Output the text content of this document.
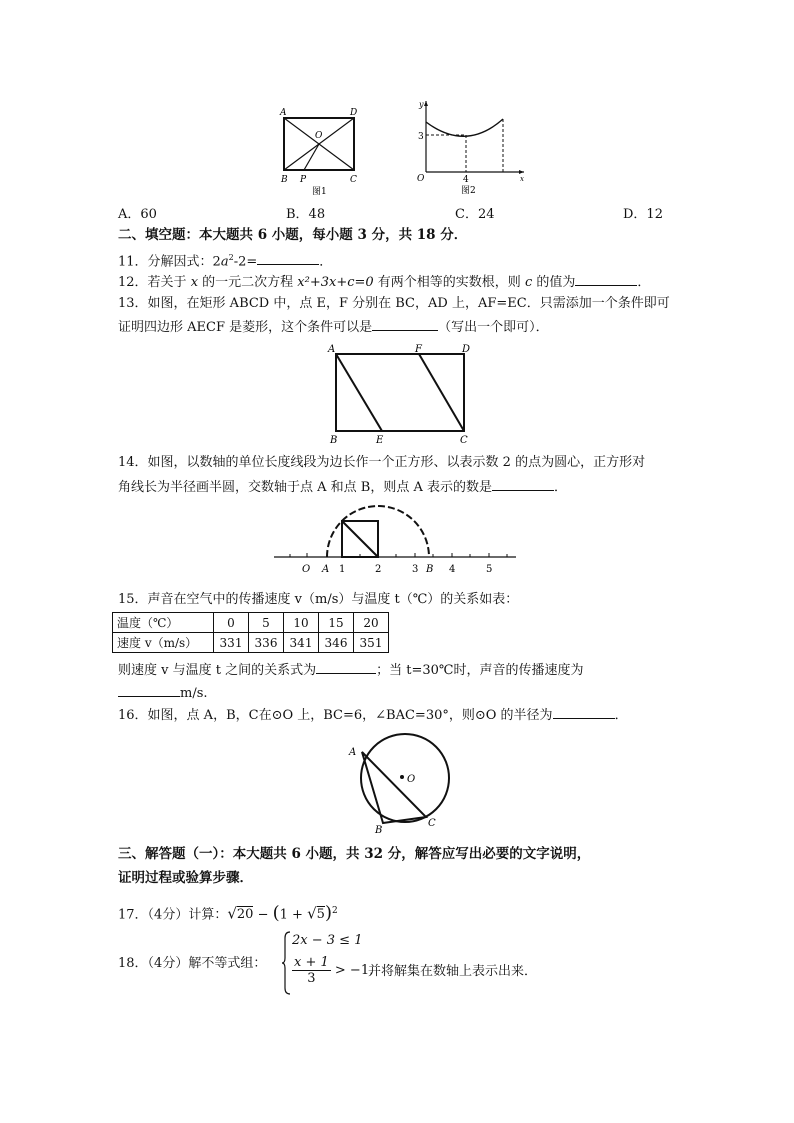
A	D
O
B P	C
图1
y
x
3
O	4
图2
A．60	B．48	C．24	D．12
二、填空题：本大题共 6 小题，每小题 3 分，共 18 分．
11．分解因式：$2a^2-2=$	．
12．若关于 x 的一元二次方程 x²+3x+c=0 有两个相等的实数根，则 c 的值为	．
13．如图，在矩形 ABCD 中，点 E，F 分别在 BC，AD 上，AF=EC．只需添加一个条件即可
证明四边形 AECF 是菱形，这个条件可以是	（写出一个即可）．
A	F	D
B	E	C
14．如图，以数轴的单位长度线段为边长作一个正方形、以表示数 2 的点为圆心，正方形对
角线长为半径画半圆，交数轴于点 A 和点 B，则点 A 表示的数是	．
O A 1	2	3 B 4	5
15．声音在空气中的传播速度 v（m/s）与温度 t（℃）的关系如表：
温度（℃）	0	5	10	15	20
速度 v（m/s）	331	336	341	346	351
则速度 v 与温度 t 之间的关系式为	；当 t=30℃时，声音的传播速度为
m/s.
16．如图，点 A，B，C在⊙O 上，BC=6，∠BAC=30°，则⊙O 的半径为	．
A
O
B
C
三、解答题（一）：本大题共 6 小题，共 32 分，解答应写出必要的文字说明，
证明过程或验算步骤．
17．（4分）计算：$√20 - (1 + √5)^2$
18．（4分）解不等式组：
2x − 3 ≤ 1
$\frac{x + 1}{3} > -1$,
并将解集在数轴上表示出来．
